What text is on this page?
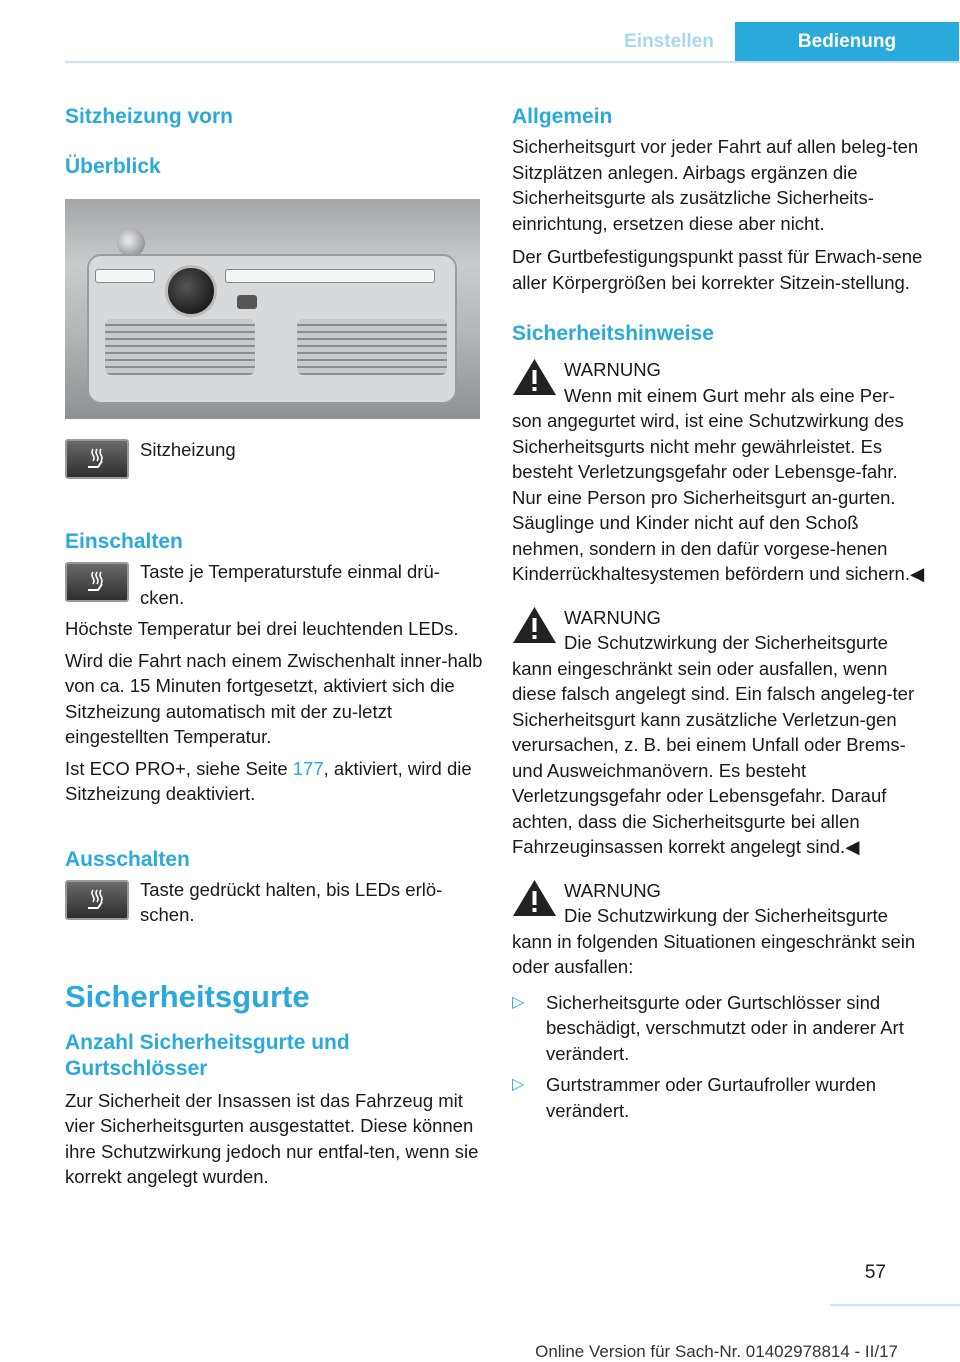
Einstellen	Bedienung
Sitzheizung vorn
Überblick
Sitzheizung
Einschalten
Taste je Temperaturstufe einmal drü‐cken.
Höchste Temperatur bei drei leuchtenden LEDs.
Wird die Fahrt nach einem Zwischenhalt inner‐halb von ca. 15 Minuten fortgesetzt, aktiviert sich die Sitzheizung automatisch mit der zu‐letzt eingestellten Temperatur.
Ist ECO PRO+, siehe Seite 177, aktiviert, wird die Sitzheizung deaktiviert.
Ausschalten
Taste gedrückt halten, bis LEDs erlö‐schen.
Sicherheitsgurte
Anzahl Sicherheitsgurte und Gurtschlösser
Zur Sicherheit der Insassen ist das Fahrzeug mit vier Sicherheitsgurten ausgestattet. Diese können ihre Schutzwirkung jedoch nur entfal‐ten, wenn sie korrekt angelegt wurden.
Allgemein
Sicherheitsgurt vor jeder Fahrt auf allen beleg‐ten Sitzplätzen anlegen. Airbags ergänzen die Sicherheitsgurte als zusätzliche Sicherheits‐einrichtung, ersetzen diese aber nicht.
Der Gurtbefestigungspunkt passt für Erwach‐sene aller Körpergrößen bei korrekter Sitzein‐stellung.
Sicherheitshinweise
WARNUNG
Wenn mit einem Gurt mehr als eine Per‐
son angegurtet wird, ist eine Schutzwirkung des Sicherheitsgurts nicht mehr gewährleistet. Es besteht Verletzungsgefahr oder Lebensge‐fahr. Nur eine Person pro Sicherheitsgurt an‐gurten. Säuglinge und Kinder nicht auf den Schoß nehmen, sondern in den dafür vorgese‐henen Kinderrückhaltesystemen befördern und sichern.◀
WARNUNG
Die Schutzwirkung der Sicherheitsgurte
kann eingeschränkt sein oder ausfallen, wenn diese falsch angelegt sind. Ein falsch angeleg‐ter Sicherheitsgurt kann zusätzliche Verletzun‐gen verursachen, z. B. bei einem Unfall oder Brems- und Ausweichmanövern. Es besteht Verletzungsgefahr oder Lebensgefahr. Darauf achten, dass die Sicherheitsgurte bei allen Fahrzeuginsassen korrekt angelegt sind.◀
WARNUNG
Die Schutzwirkung der Sicherheitsgurte
kann in folgenden Situationen eingeschränkt sein oder ausfallen:
▷	Sicherheitsgurte oder Gurtschlösser sind beschädigt, verschmutzt oder in anderer Art verändert.
▷	Gurtstrammer oder Gurtaufroller wurden verändert.
57
Online Version für Sach-Nr. 01402978814 - II/17
